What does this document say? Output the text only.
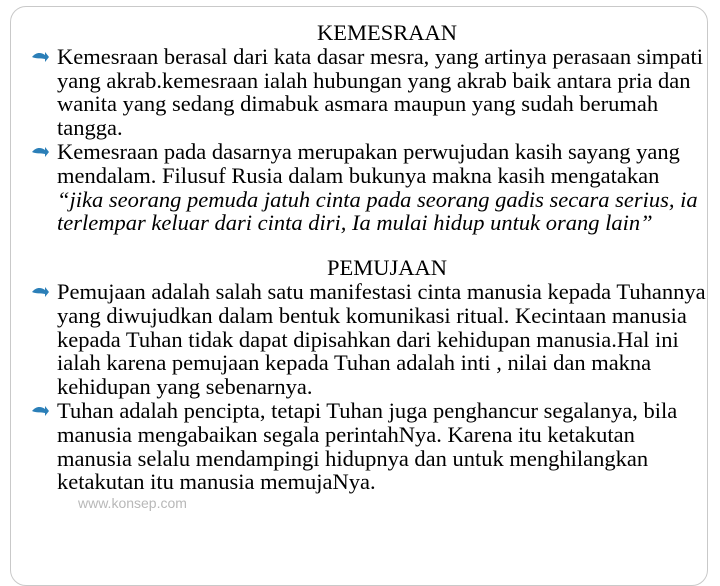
KEMESRAAN

Kemesraan berasal dari kata dasar mesra, yang artinya perasaan simpati yang akrab.kemesraan ialah hubungan yang akrab baik antara pria dan wanita yang sedang dimabuk asmara maupun yang sudah berumah tangga.

Kemesraan pada dasarnya merupakan perwujudan kasih sayang yang mendalam. Filusuf Rusia dalam bukunya makna kasih mengatakan “jika seorang pemuda jatuh cinta pada seorang gadis secara serius, ia terlempar keluar dari cinta diri, Ia mulai hidup untuk orang lain”

PEMUJAAN

Pemujaan adalah salah satu manifestasi cinta manusia kepada Tuhannya yang diwujudkan dalam bentuk komunikasi ritual. Kecintaan manusia kepada Tuhan tidak dapat dipisahkan dari kehidupan manusia.Hal ini ialah karena pemujaan kepada Tuhan adalah inti , nilai dan makna kehidupan yang sebenarnya.

Tuhan adalah pencipta, tetapi Tuhan juga penghancur segalanya, bila manusia mengabaikan segala perintahNya. Karena itu ketakutan manusia selalu mendampingi hidupnya dan untuk menghilangkan ketakutan itu manusia memujaNya.

www.konsep.com
